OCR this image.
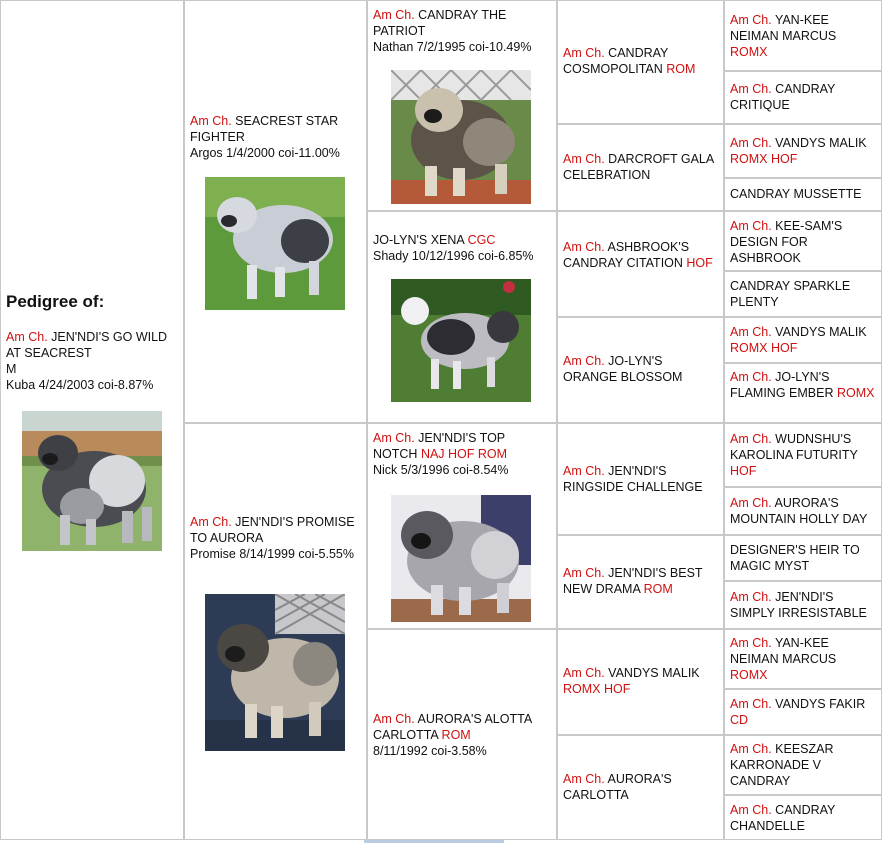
Pedigree of:
Am Ch. JEN'NDI'S GO WILD AT SEACREST
M
Kuba 4/24/2003 coi-8.87%
Am Ch. SEACREST STAR FIGHTER
Argos 1/4/2000 coi-11.00%
Am Ch. JEN'NDI'S PROMISE TO AURORA
Promise 8/14/1999 coi-5.55%
Am Ch. CANDRAY THE PATRIOT
Nathan 7/2/1995 coi-10.49%
JO-LYN'S XENA CGC
Shady 10/12/1996 coi-6.85%
Am Ch. JEN'NDI'S TOP NOTCH NAJ HOF ROM
Nick 5/3/1996 coi-8.54%
Am Ch. AURORA'S ALOTTA CARLOTTA ROM
8/11/1992 coi-3.58%
Am Ch. CANDRAY COSMOPOLITAN ROM
Am Ch. DARCROFT GALA CELEBRATION
Am Ch. ASHBROOK'S CANDRAY CITATION HOF
Am Ch. JO-LYN'S ORANGE BLOSSOM
Am Ch. JEN'NDI'S RINGSIDE CHALLENGE
Am Ch. JEN'NDI'S BEST NEW DRAMA ROM
Am Ch. VANDYS MALIK ROMX HOF
Am Ch. AURORA'S CARLOTTA
Am Ch. YAN-KEE NEIMAN MARCUS ROMX
Am Ch. CANDRAY CRITIQUE
Am Ch. VANDYS MALIK ROMX HOF
CANDRAY MUSSETTE
Am Ch. KEE-SAM'S DESIGN FOR ASHBROOK
CANDRAY SPARKLE PLENTY
Am Ch. VANDYS MALIK ROMX HOF
Am Ch. JO-LYN'S FLAMING EMBER ROMX
Am Ch. WUDNSHU'S KAROLINA FUTURITY HOF
Am Ch. AURORA'S MOUNTAIN HOLLY DAY
DESIGNER'S HEIR TO MAGIC MYST
Am Ch. JEN'NDI'S SIMPLY IRRESISTABLE
Am Ch. YAN-KEE NEIMAN MARCUS ROMX
Am Ch. VANDYS FAKIR CD
Am Ch. KEESZAR KARRONADE V CANDRAY
Am Ch. CANDRAY CHANDELLE
